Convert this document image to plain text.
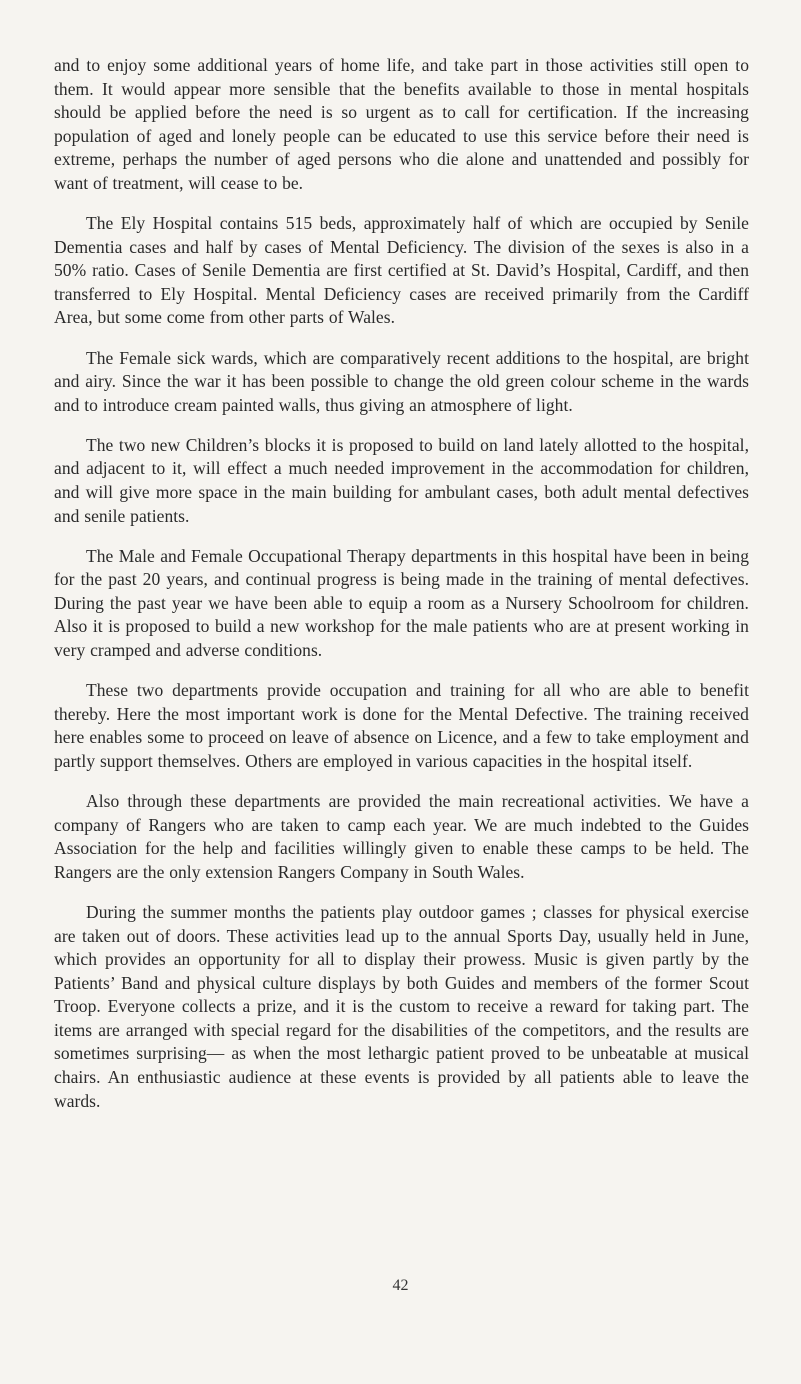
and to enjoy some additional years of home life, and take part in those activities still open to them. It would appear more sensible that the benefits available to those in mental hospitals should be applied before the need is so urgent as to call for certification. If the increasing population of aged and lonely people can be educated to use this service before their need is extreme, perhaps the number of aged persons who die alone and unattended and possibly for want of treatment, will cease to be.

The Ely Hospital contains 515 beds, approximately half of which are occupied by Senile Dementia cases and half by cases of Mental Deficiency. The division of the sexes is also in a 50% ratio. Cases of Senile Dementia are first certified at St. David’s Hospital, Cardiff, and then transferred to Ely Hospital. Mental Deficiency cases are received primarily from the Cardiff Area, but some come from other parts of Wales.

The Female sick wards, which are comparatively recent additions to the hospital, are bright and airy. Since the war it has been possible to change the old green colour scheme in the wards and to introduce cream painted walls, thus giving an atmosphere of light.

The two new Children’s blocks it is proposed to build on land lately allotted to the hospital, and adjacent to it, will effect a much needed improvement in the accommodation for children, and will give more space in the main building for ambulant cases, both adult mental defectives and senile patients.

The Male and Female Occupational Therapy departments in this hospital have been in being for the past 20 years, and continual progress is being made in the training of mental defectives. During the past year we have been able to equip a room as a Nursery Schoolroom for children. Also it is proposed to build a new workshop for the male patients who are at present working in very cramped and adverse conditions.

These two departments provide occupation and training for all who are able to benefit thereby. Here the most important work is done for the Mental Defective. The training received here enables some to proceed on leave of absence on Licence, and a few to take employment and partly support themselves. Others are employed in various capacities in the hospital itself.

Also through these departments are provided the main recreational activities. We have a company of Rangers who are taken to camp each year. We are much indebted to the Guides Association for the help and facilities willingly given to enable these camps to be held. The Rangers are the only extension Rangers Company in South Wales.

During the summer months the patients play outdoor games ; classes for physical exercise are taken out of doors. These activities lead up to the annual Sports Day, usually held in June, which provides an opportunity for all to display their prowess. Music is given partly by the Patients’ Band and physical culture displays by both Guides and members of the former Scout Troop. Everyone collects a prize, and it is the custom to receive a reward for taking part. The items are arranged with special regard for the disabilities of the competitors, and the results are sometimes surprising— as when the most lethargic patient proved to be unbeatable at musical chairs. An enthusiastic audience at these events is provided by all patients able to leave the wards.

42
